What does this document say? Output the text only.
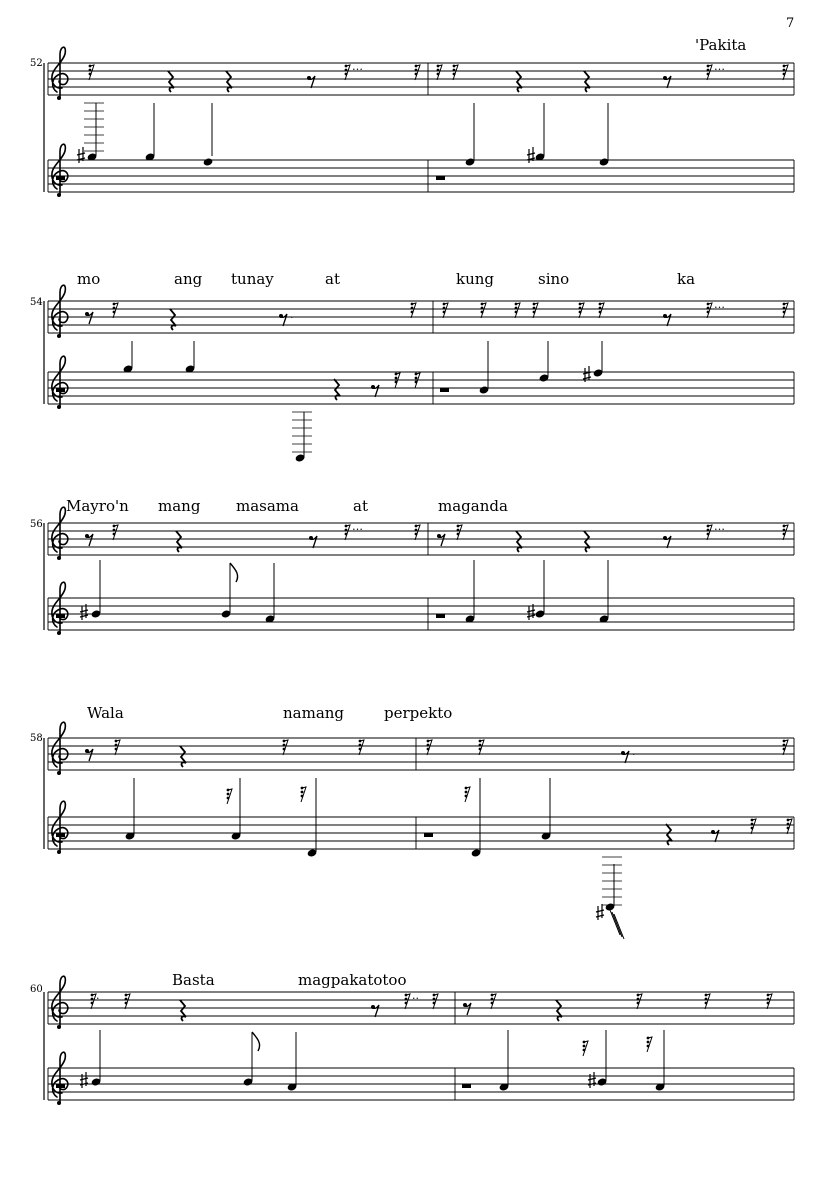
7
52
'Pakita
…	…
54
mo	ang tunay	at	kung	sino	ka
.
…
56
Mayro'n mang masama	at	maganda
…	…
58
Wala	namang	perpekto
.
60
Basta	magpakatotoo
.	..
